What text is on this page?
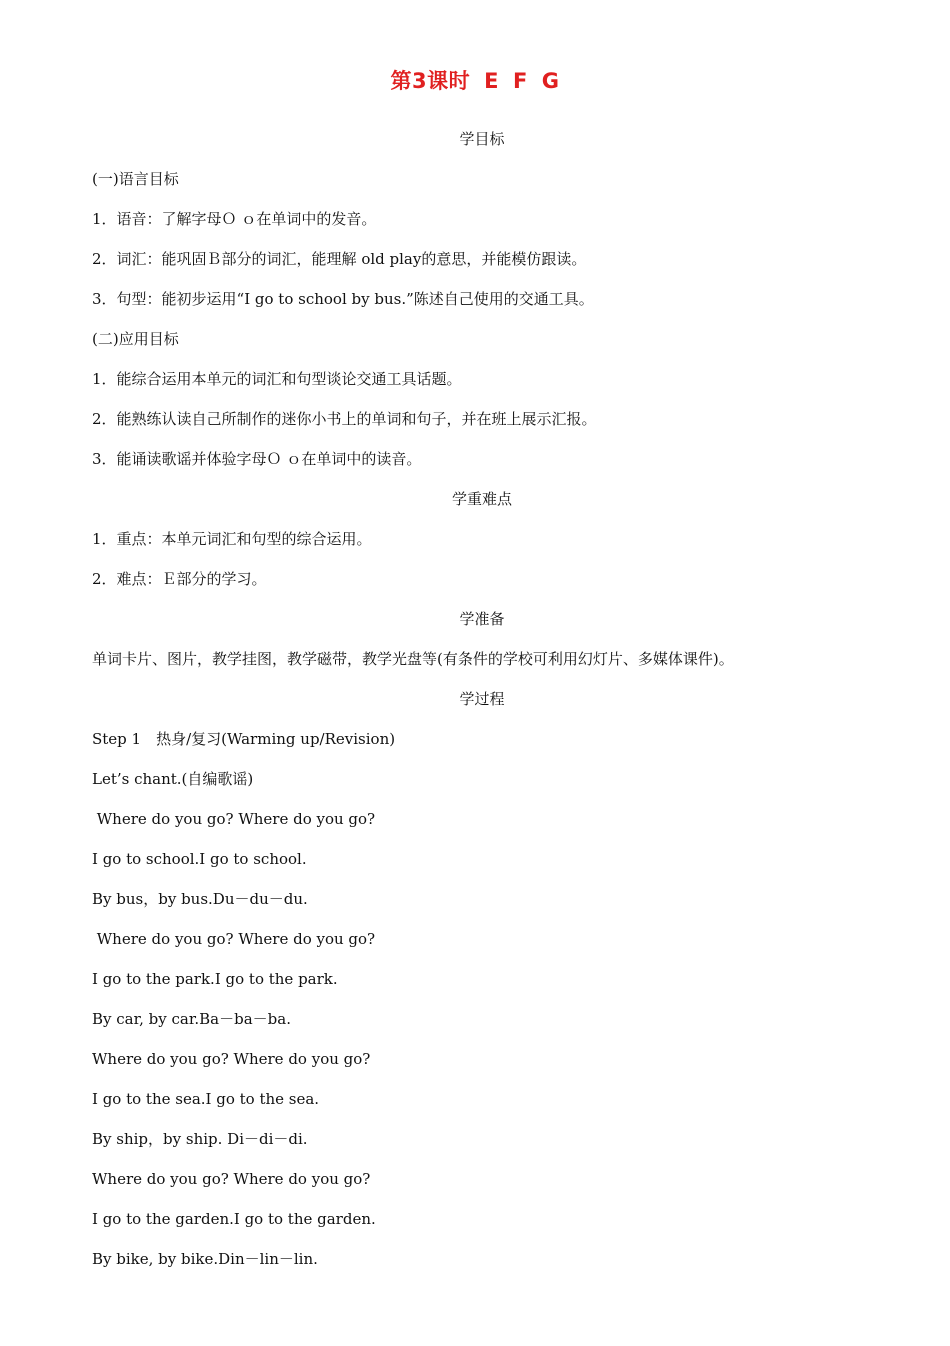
第3课时 E F G
学目标
(一)语言目标
1．语音：了解字母Ｏ ｏ在单词中的发音。
2．词汇：能巩固Ｂ部分的词汇，能理解 old play的意思，并能模仿跟读。
3．句型：能初步运用“I go to school by bus.”陈述自己使用的交通工具。
(二)应用目标
1．能综合运用本单元的词汇和句型谈论交通工具话题。
2．能熟练认读自己所制作的迷你小书上的单词和句子，并在班上展示汇报。
3．能诵读歌谣并体验字母Ｏ ｏ在单词中的读音。
学重难点
1．重点：本单元词汇和句型的综合运用。
2．难点：Ｅ部分的学习。
学准备
单词卡片、图片，教学挂图，教学磁带，教学光盘等(有条件的学校可利用幻灯片、多媒体课件)。
学过程
Step 1　热身/复习(Warming up/Revision)
Let’s chant.(自编歌谣)
Where do you go? Where do you go?
I go to school.I go to school.
By bus，by bus.Du－du－du.
Where do you go? Where do you go?
I go to the park.I go to the park.
By car, by car.Ba－ba－ba.
Where do you go? Where do you go?
I go to the sea.I go to the sea.
By ship，by ship. Di－di－di.
Where do you go? Where do you go?
I go to the garden.I go to the garden.
By bike, by bike.Din－lin－lin.
